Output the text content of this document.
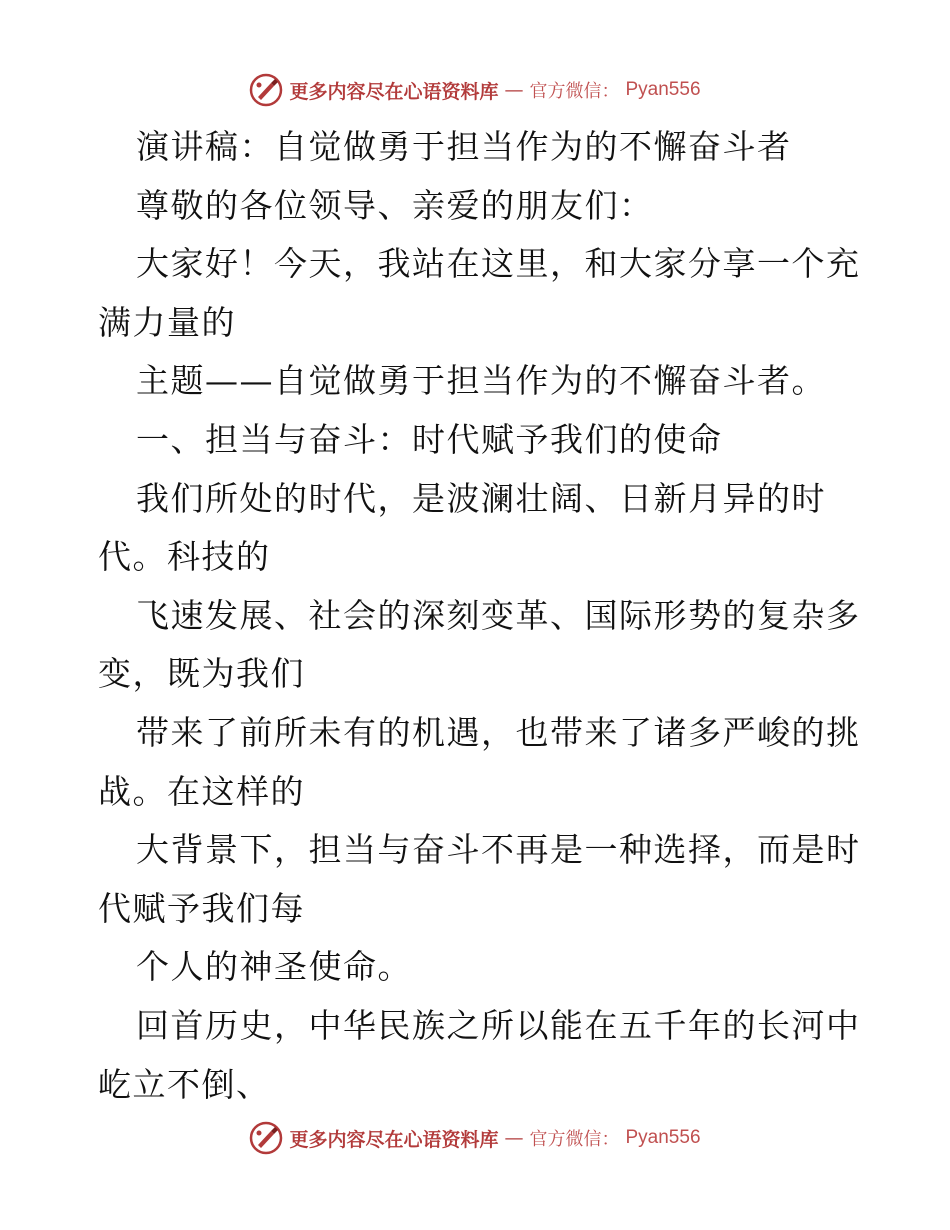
更多内容尽在心语资料库 — 官方微信： Pyan556
演讲稿：自觉做勇于担当作为的不懈奋斗者
尊敬的各位领导、亲爱的朋友们：
大家好！今天，我站在这里，和大家分享一个充
满力量的
主题——自觉做勇于担当作为的不懈奋斗者。
一、担当与奋斗：时代赋予我们的使命
我们所处的时代，是波澜壮阔、日新月异的时
代。科技的
飞速发展、社会的深刻变革、国际形势的复杂多
变，既为我们
带来了前所未有的机遇，也带来了诸多严峻的挑
战。在这样的
大背景下，担当与奋斗不再是一种选择，而是时
代赋予我们每
个人的神圣使命。
回首历史，中华民族之所以能在五千年的长河中
屹立不倒、
更多内容尽在心语资料库 — 官方微信： Pyan556
